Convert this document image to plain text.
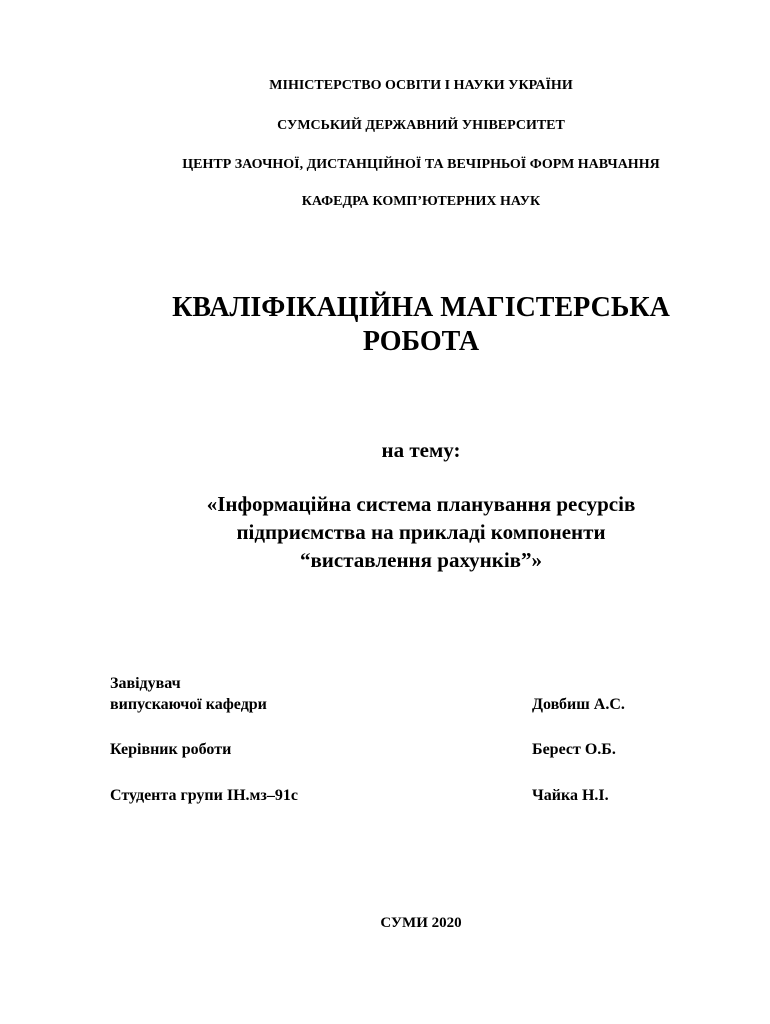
МІНІСТЕРСТВО ОСВІТИ І НАУКИ УКРАЇНИ
СУМСЬКИЙ ДЕРЖАВНИЙ УНІВЕРСИТЕТ
ЦЕНТР ЗАОЧНОЇ, ДИСТАНЦІЙНОЇ ТА ВЕЧІРНЬОЇ ФОРМ НАВЧАННЯ
КАФЕДРА КОМП’ЮТЕРНИХ НАУК
КВАЛІФІКАЦІЙНА МАГІСТЕРСЬКА
РОБОТА
на тему:
«Інформаційна система планування ресурсів
підприємства на прикладі компоненти
“виставлення рахунків”»
Завідувач
випускаючої кафедри	Довбиш А.С.
Керівник роботи	Берест О.Б.
Студента групи ІН.мз–91с	Чайка Н.І.
СУМИ 2020
